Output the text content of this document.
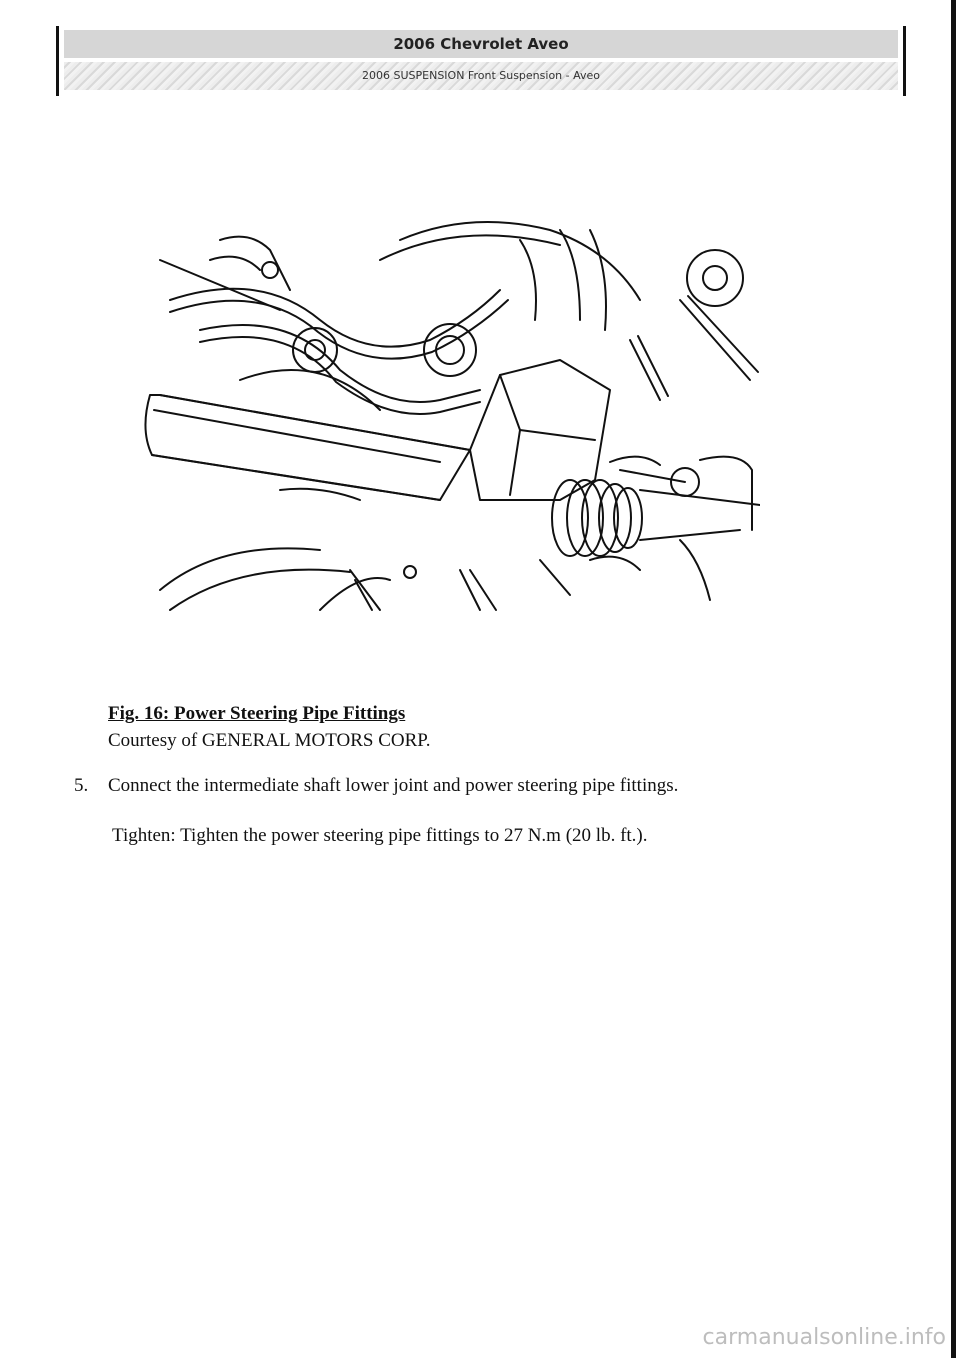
2006 Chevrolet Aveo
2006 SUSPENSION Front Suspension - Aveo
Fig. 16: Power Steering Pipe Fittings
Courtesy of GENERAL MOTORS CORP.
5. Connect the intermediate shaft lower joint and power steering pipe fittings.
Tighten: Tighten the power steering pipe fittings to 27 N.m (20 lb. ft.).
carmanualsonline.info
